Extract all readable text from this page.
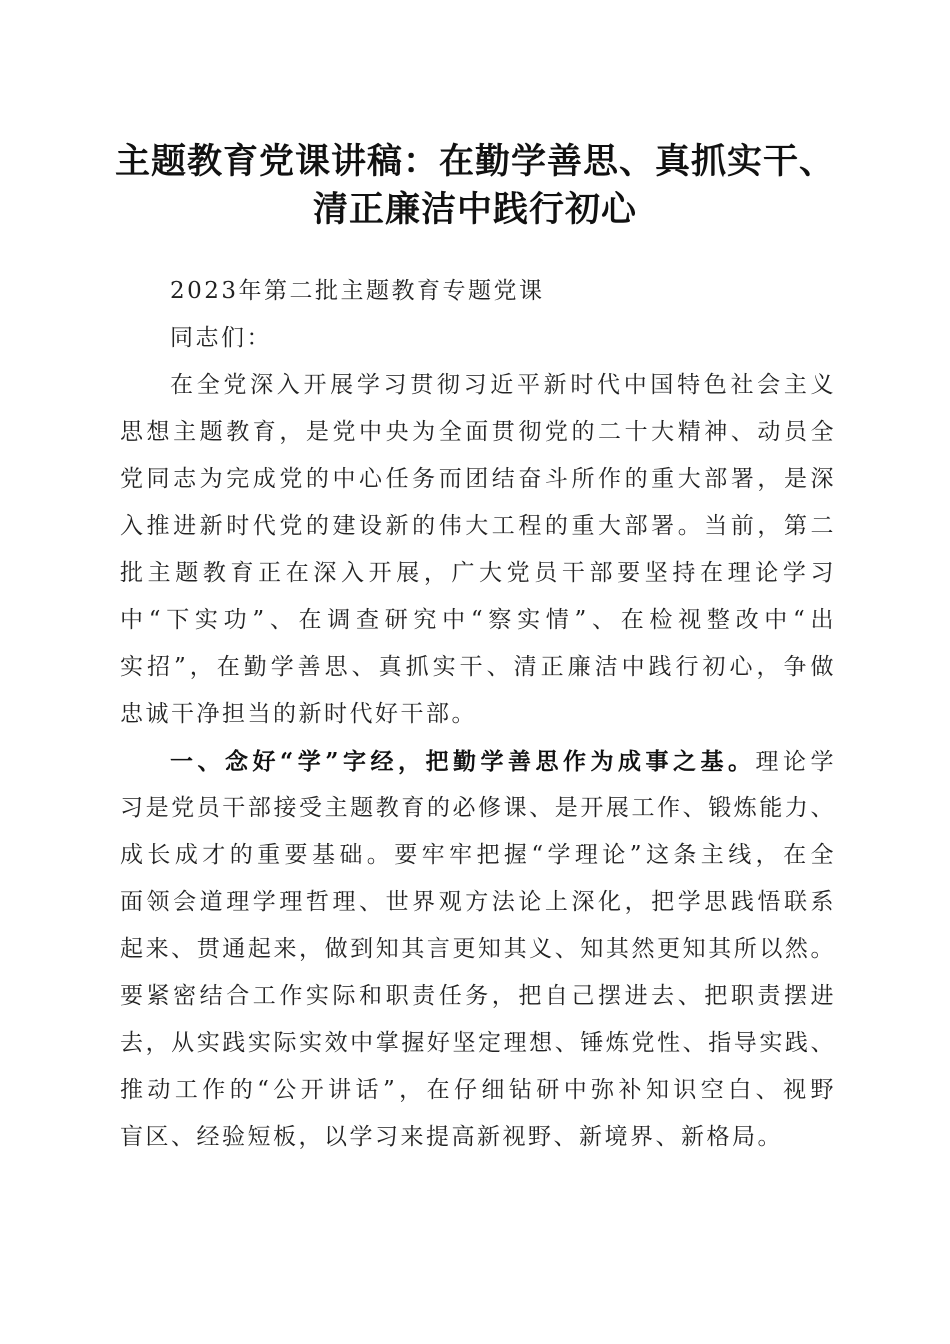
主题教育党课讲稿：在勤学善思、真抓实干、
清正廉洁中践行初心
2023年第二批主题教育专题党课
同志们：
在全党深入开展学习贯彻习近平新时代中国特色社会主义
思想主题教育，是党中央为全面贯彻党的二十大精神、动员全
党同志为完成党的中心任务而团结奋斗所作的重大部署，是深
入推进新时代党的建设新的伟大工程的重大部署。当前，第二
批主题教育正在深入开展，广大党员干部要坚持在理论学习
中“下实功”、在调查研究中“察实情”、在检视整改中“出
实招”，在勤学善思、真抓实干、清正廉洁中践行初心，争做
忠诚干净担当的新时代好干部。
一、念好“学”字经，把勤学善思作为成事之基。理论学
习是党员干部接受主题教育的必修课、是开展工作、锻炼能力、
成长成才的重要基础。要牢牢把握“学理论”这条主线，在全
面领会道理学理哲理、世界观方法论上深化，把学思践悟联系
起来、贯通起来，做到知其言更知其义、知其然更知其所以然。
要紧密结合工作实际和职责任务，把自己摆进去、把职责摆进
去，从实践实际实效中掌握好坚定理想、锤炼党性、指导实践、
推动工作的“公开讲话”，在仔细钻研中弥补知识空白、视野
盲区、经验短板，以学习来提高新视野、新境界、新格局。
